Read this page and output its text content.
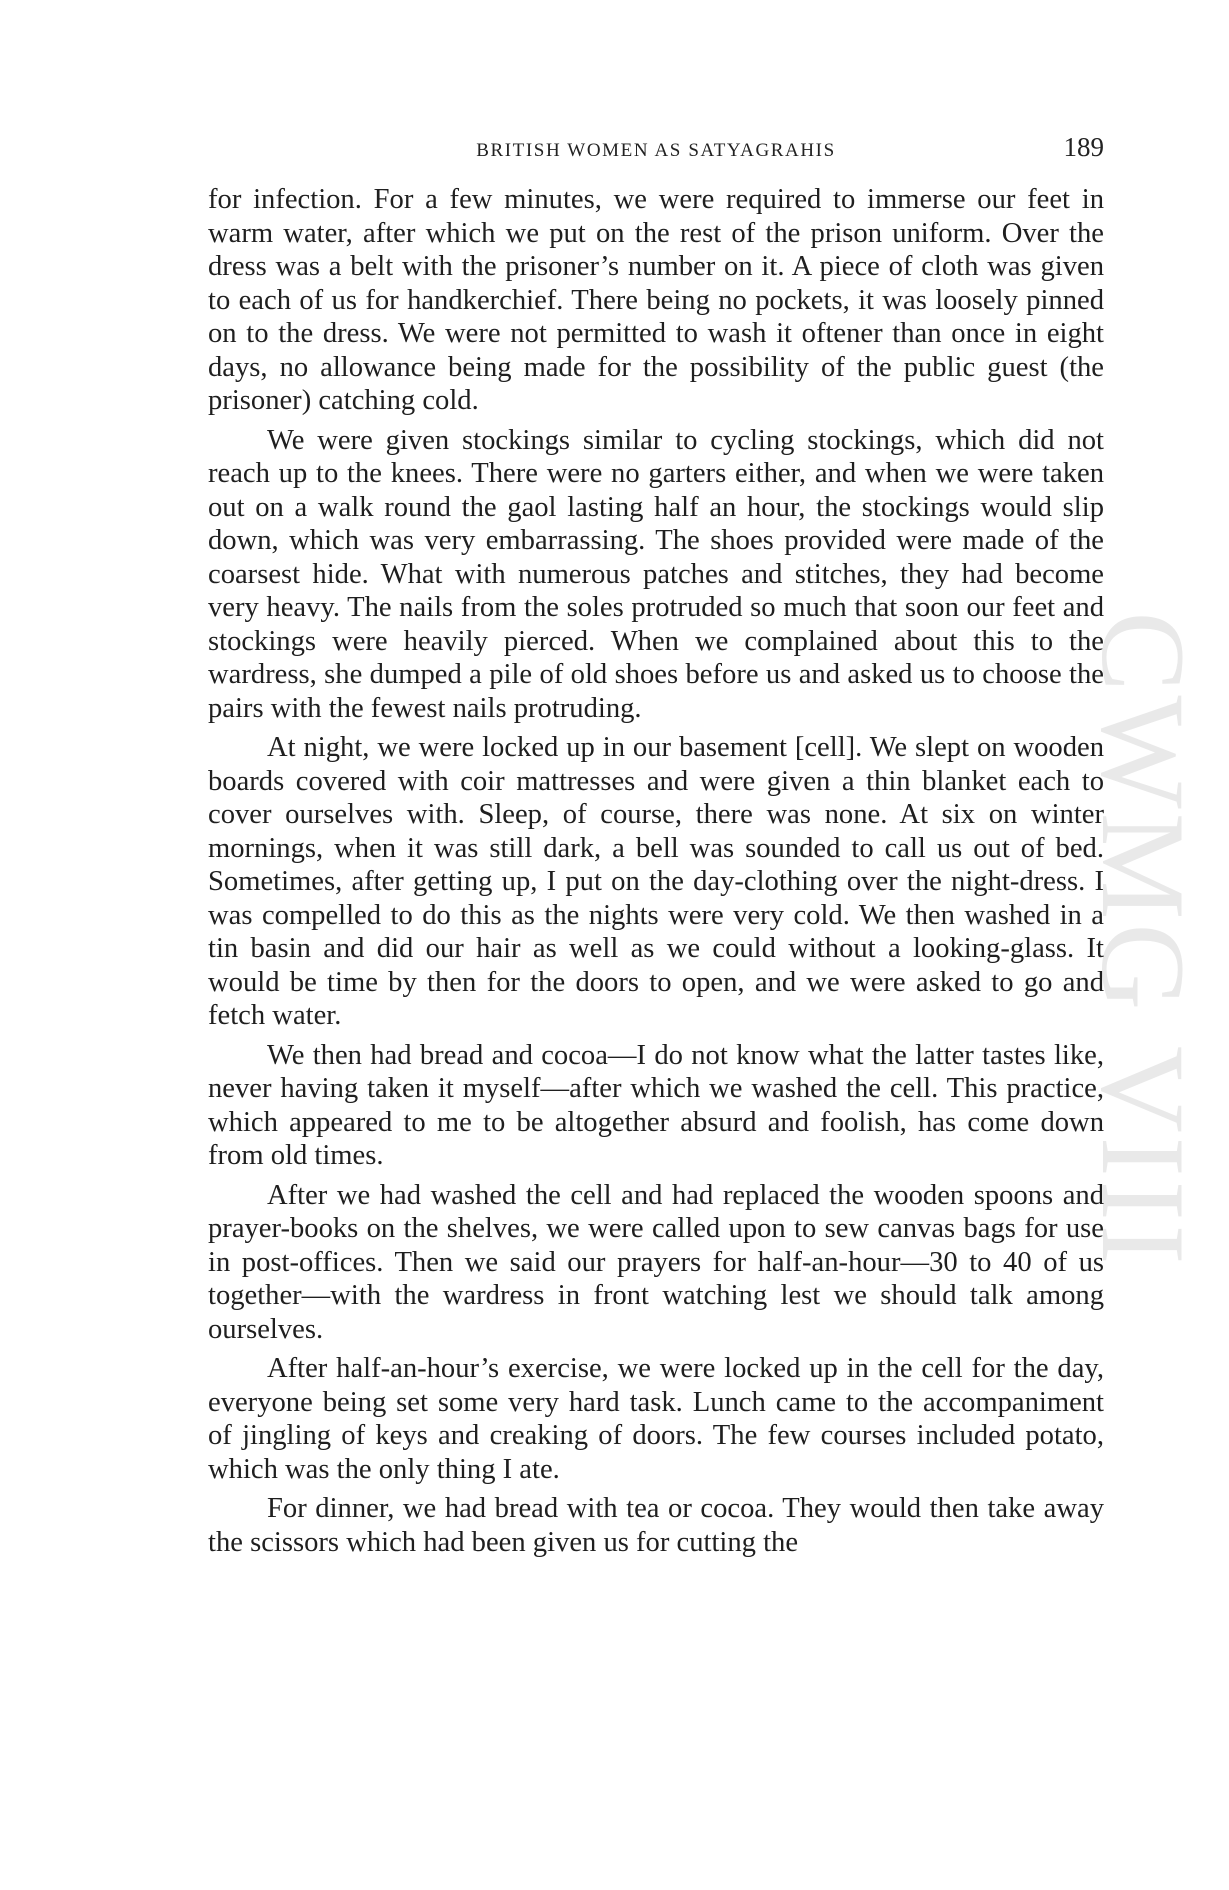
CWMG VIII
BRITISH WOMEN AS SATYAGRAHIS	189

for infection. For a few minutes, we were required to immerse our feet in warm water, after which we put on the rest of the prison uniform. Over the dress was a belt with the prisoner’s number on it. A piece of cloth was given to each of us for handkerchief. There being no pockets, it was loosely pinned on to the dress. We were not permitted to wash it oftener than once in eight days, no allowance being made for the possibility of the public guest (the prisoner) catching cold.

We were given stockings similar to cycling stockings, which did not reach up to the knees. There were no garters either, and when we were taken out on a walk round the gaol lasting half an hour, the stockings would slip down, which was very embarrassing. The shoes provided were made of the coarsest hide. What with numerous patches and stitches, they had become very heavy. The nails from the soles protruded so much that soon our feet and stockings were heavily pierced. When we complained about this to the wardress, she dumped a pile of old shoes before us and asked us to choose the pairs with the fewest nails protruding.

At night, we were locked up in our basement [cell]. We slept on wooden boards covered with coir mattresses and were given a thin blanket each to cover ourselves with. Sleep, of course, there was none. At six on winter mornings, when it was still dark, a bell was sounded to call us out of bed. Sometimes, after getting up, I put on the day-clothing over the night-dress. I was compelled to do this as the nights were very cold. We then washed in a tin basin and did our hair as well as we could without a looking-glass. It would be time by then for the doors to open, and we were asked to go and fetch water.

We then had bread and cocoa—I do not know what the latter tastes like, never having taken it myself—after which we washed the cell. This practice, which appeared to me to be altogether absurd and foolish, has come down from old times.

After we had washed the cell and had replaced the wooden spoons and prayer-books on the shelves, we were called upon to sew canvas bags for use in post-offices. Then we said our prayers for half-an-hour—30 to 40 of us together—with the wardress in front watching lest we should talk among ourselves.

After half-an-hour’s exercise, we were locked up in the cell for the day, everyone being set some very hard task. Lunch came to the accompaniment of jingling of keys and creaking of doors. The few courses included potato, which was the only thing I ate.

For dinner, we had bread with tea or cocoa. They would then take away the scissors which had been given us for cutting the
